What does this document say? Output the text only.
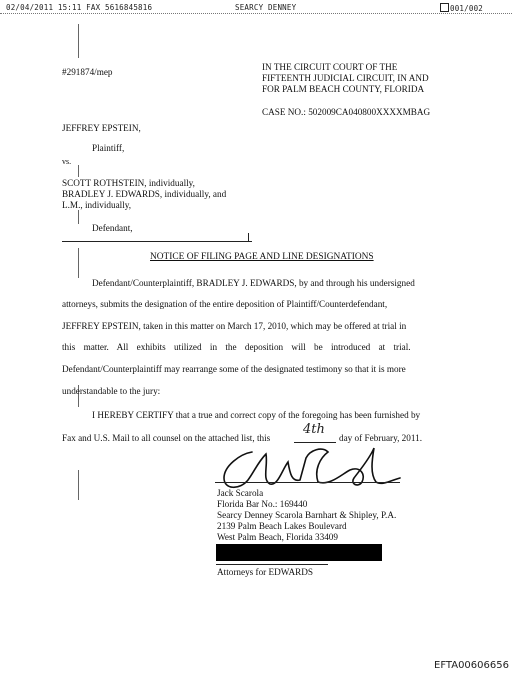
02/04/2011 15:11 FAX 5616845816	SEARCY DENNEY	001/002
#291874/mep	IN THE CIRCUIT COURT OF THE
FIFTEENTH JUDICIAL CIRCUIT, IN AND
FOR PALM BEACH COUNTY, FLORIDA
CASE NO.: 502009CA040800XXXXMBAG
JEFFREY EPSTEIN,
Plaintiff,
vs.
SCOTT ROTHSTEIN, individually,
BRADLEY J. EDWARDS, individually, and
L.M., individually,
Defendant,
NOTICE OF FILING PAGE AND LINE DESIGNATIONS
Defendant/Counterplaintiff, BRADLEY J. EDWARDS, by and through his undersigned
attorneys, submits the designation of the entire deposition of Plaintiff/Counterdefendant,
JEFFREY EPSTEIN, taken in this matter on March 17, 2010, which may be offered at trial in
this matter. All exhibits utilized in the deposition will be introduced at trial.
Defendant/Counterplaintiff may rearrange some of the designated testimony so that it is more
understandable to the jury:
I HEREBY CERTIFY that a true and correct copy of the foregoing has been furnished by
Fax and U.S. Mail to all counsel on the attached list, this
4th
day of February, 2011.
Jack Scarola
Florida Bar No.: 169440
Searcy Denney Scarola Barnhart & Shipley, P.A.
2139 Palm Beach Lakes Boulevard
West Palm Beach, Florida 33409
Attorneys for EDWARDS
EFTA00606656
